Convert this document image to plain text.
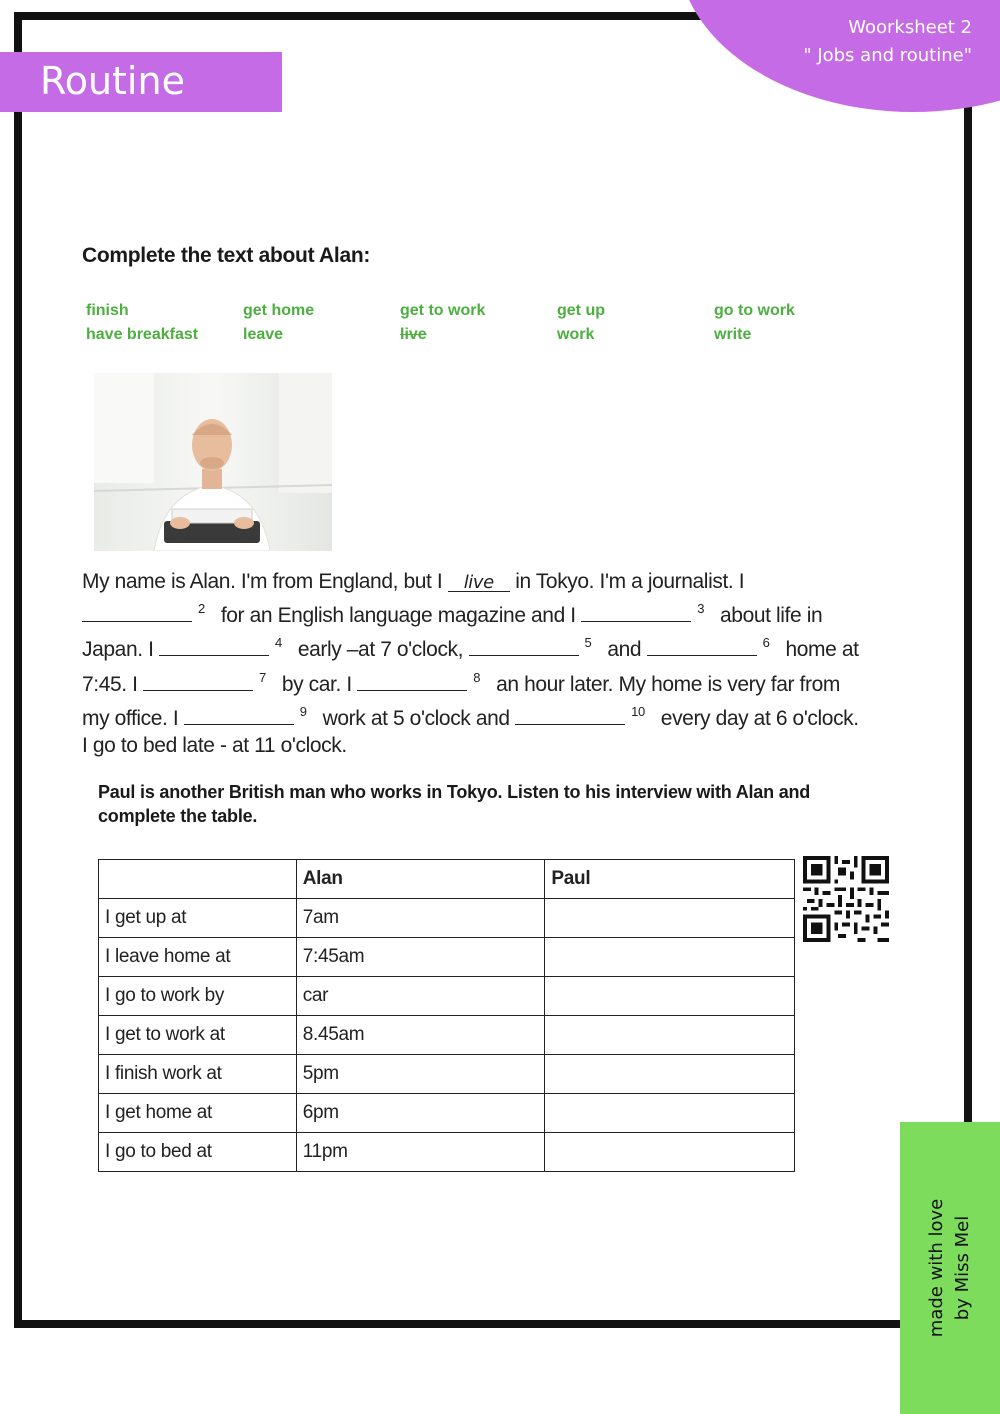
Woorksheet 2
" Jobs and routine"
Routine
Complete the text about Alan:
finish	get home	get to work	get up	go to work
have breakfast	leave	live	work	write
My name is Alan. I'm from England, but I live in Tokyo. I'm a journalist. I
$^2$ for an English language magazine and I	$^3$ about life in
Japan. I	$^4$ early –at 7 o'clock,	$^5$ and	$^6$ home at
7:45. I	$^7$ by car. I	$^8$ an hour later. My home is very far from
my office. I	$^9$ work at 5 o'clock and	$^{10}$ every day at 6 o'clock.
I go to bed late - at 11 o'clock.
Paul is another British man who works in Tokyo. Listen to his interview with Alan and complete the table.
	Alan	Paul
I get up at	7am	
I leave home at	7:45am	
I go to work by	car	
I get to work at	8.45am	
I finish work at	5pm	
I get home at	6pm	
I go to bed at	11pm	
made with love by Miss Mel
